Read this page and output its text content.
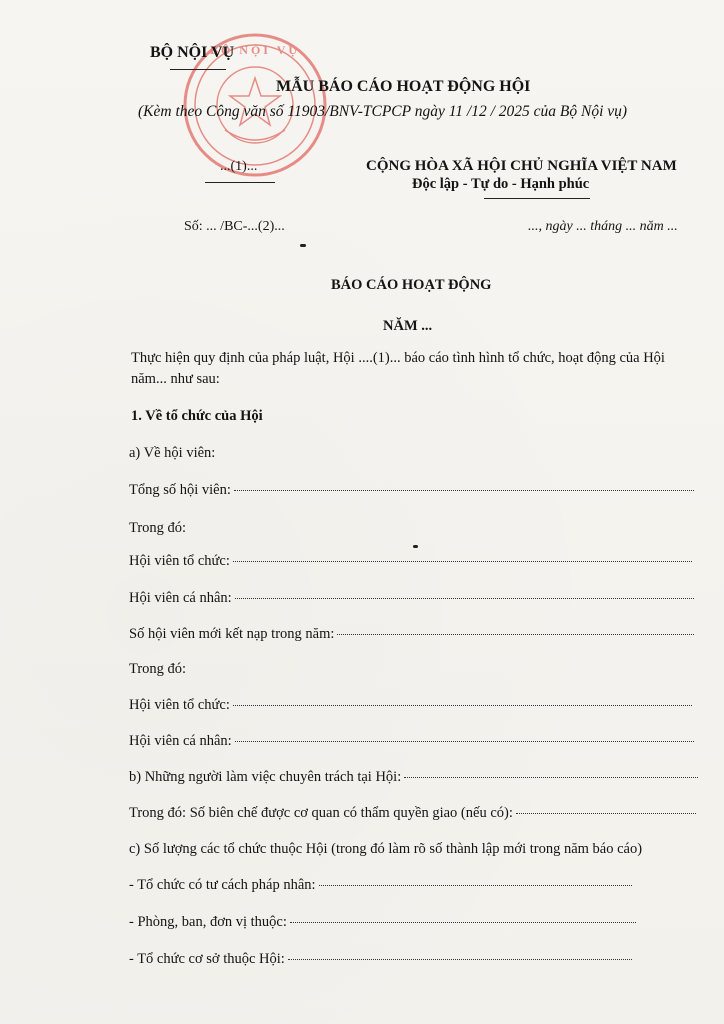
BỘ NỘI VỤ
BỘ NỘI VỤ
MẪU BÁO CÁO HOẠT ĐỘNG HỘI
(Kèm theo Công văn số 11903/BNV-TCPCP ngày 11 /12 / 2025 của Bộ Nội vụ)
...(1)...	CỘNG HÒA XÃ HỘI CHỦ NGHĨA VIỆT NAM
Độc lập - Tự do - Hạnh phúc
Số: ... /BC-...(2)...	..., ngày ... tháng ... năm ...
BÁO CÁO HOẠT ĐỘNG
NĂM ...
Thực hiện quy định của pháp luật, Hội ....(1)... báo cáo tình hình tổ chức, hoạt động của Hội
năm... như sau:
1. Về tổ chức của Hội
a) Về hội viên:
Tổng số hội viên:
Trong đó:
Hội viên tổ chức:
Hội viên cá nhân:
Số hội viên mới kết nạp trong năm:
Trong đó:
Hội viên tổ chức:
Hội viên cá nhân:
b) Những người làm việc chuyên trách tại Hội:
Trong đó: Số biên chế được cơ quan có thẩm quyền giao (nếu có):
c) Số lượng các tổ chức thuộc Hội (trong đó làm rõ số thành lập mới trong năm báo cáo)
- Tổ chức có tư cách pháp nhân:
- Phòng, ban, đơn vị thuộc:
- Tổ chức cơ sở thuộc Hội:
